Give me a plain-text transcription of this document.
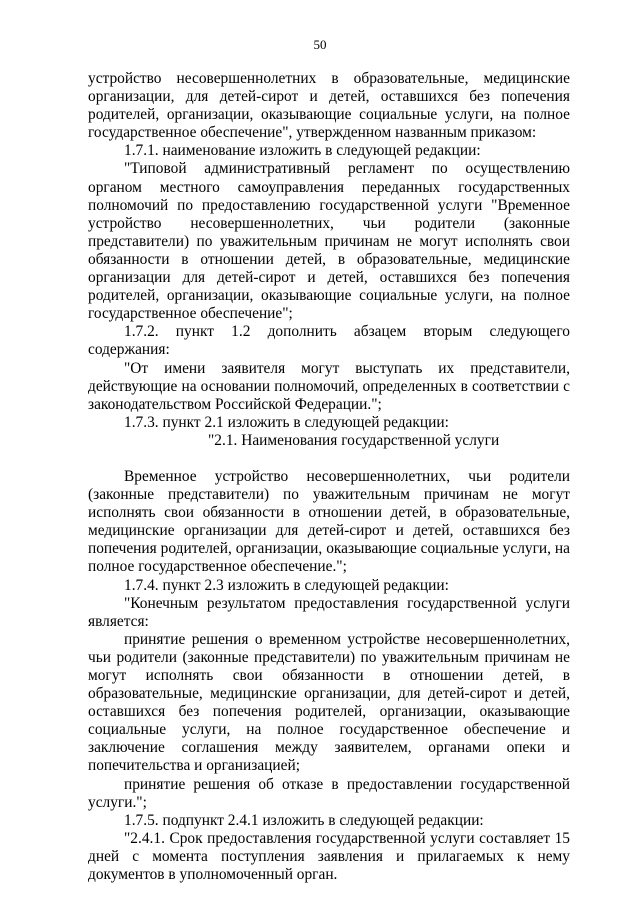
50

устройство несовершеннолетних в образовательные, медицинские организации, для детей-сирот и детей, оставшихся без попечения родителей, организации, оказывающие социальные услуги, на полное государственное обеспечение", утвержденном названным приказом:

1.7.1. наименование изложить в следующей редакции:

"Типовой административный регламент по осуществлению органом местного самоуправления переданных государственных полномочий по предоставлению государственной услуги "Временное устройство несовершеннолетних, чьи родители (законные представители) по уважительным причинам не могут исполнять свои обязанности в отношении детей, в образовательные, медицинские организации для детей-сирот и детей, оставшихся без попечения родителей, организации, оказывающие социальные услуги, на полное государственное обеспечение";

1.7.2. пункт 1.2 дополнить абзацем вторым следующего содержания:

"От имени заявителя могут выступать их представители, действующие на основании полномочий, определенных в соответствии с законодательством Российской Федерации.";

1.7.3. пункт 2.1 изложить в следующей редакции:

"2.1. Наименования государственной услуги

Временное устройство несовершеннолетних, чьи родители (законные представители) по уважительным причинам не могут исполнять свои обязанности в отношении детей, в образовательные, медицинские организации для детей-сирот и детей, оставшихся без попечения родителей, организации, оказывающие социальные услуги, на полное государственное обеспечение.";

1.7.4. пункт 2.3 изложить в следующей редакции:

"Конечным результатом предоставления государственной услуги является:

принятие решения о временном устройстве несовершеннолетних, чьи родители (законные представители) по уважительным причинам не могут исполнять свои обязанности в отношении детей, в образовательные, медицинские организации, для детей-сирот и детей, оставшихся без попечения родителей, организации, оказывающие социальные услуги, на полное государственное обеспечение и заключение соглашения между заявителем, органами опеки и попечительства и организацией;

принятие решения об отказе в предоставлении государственной услуги.";

1.7.5. подпункт 2.4.1 изложить в следующей редакции:

"2.4.1. Срок предоставления государственной услуги составляет 15 дней с момента поступления заявления и прилагаемых к нему документов в уполномоченный орган.
